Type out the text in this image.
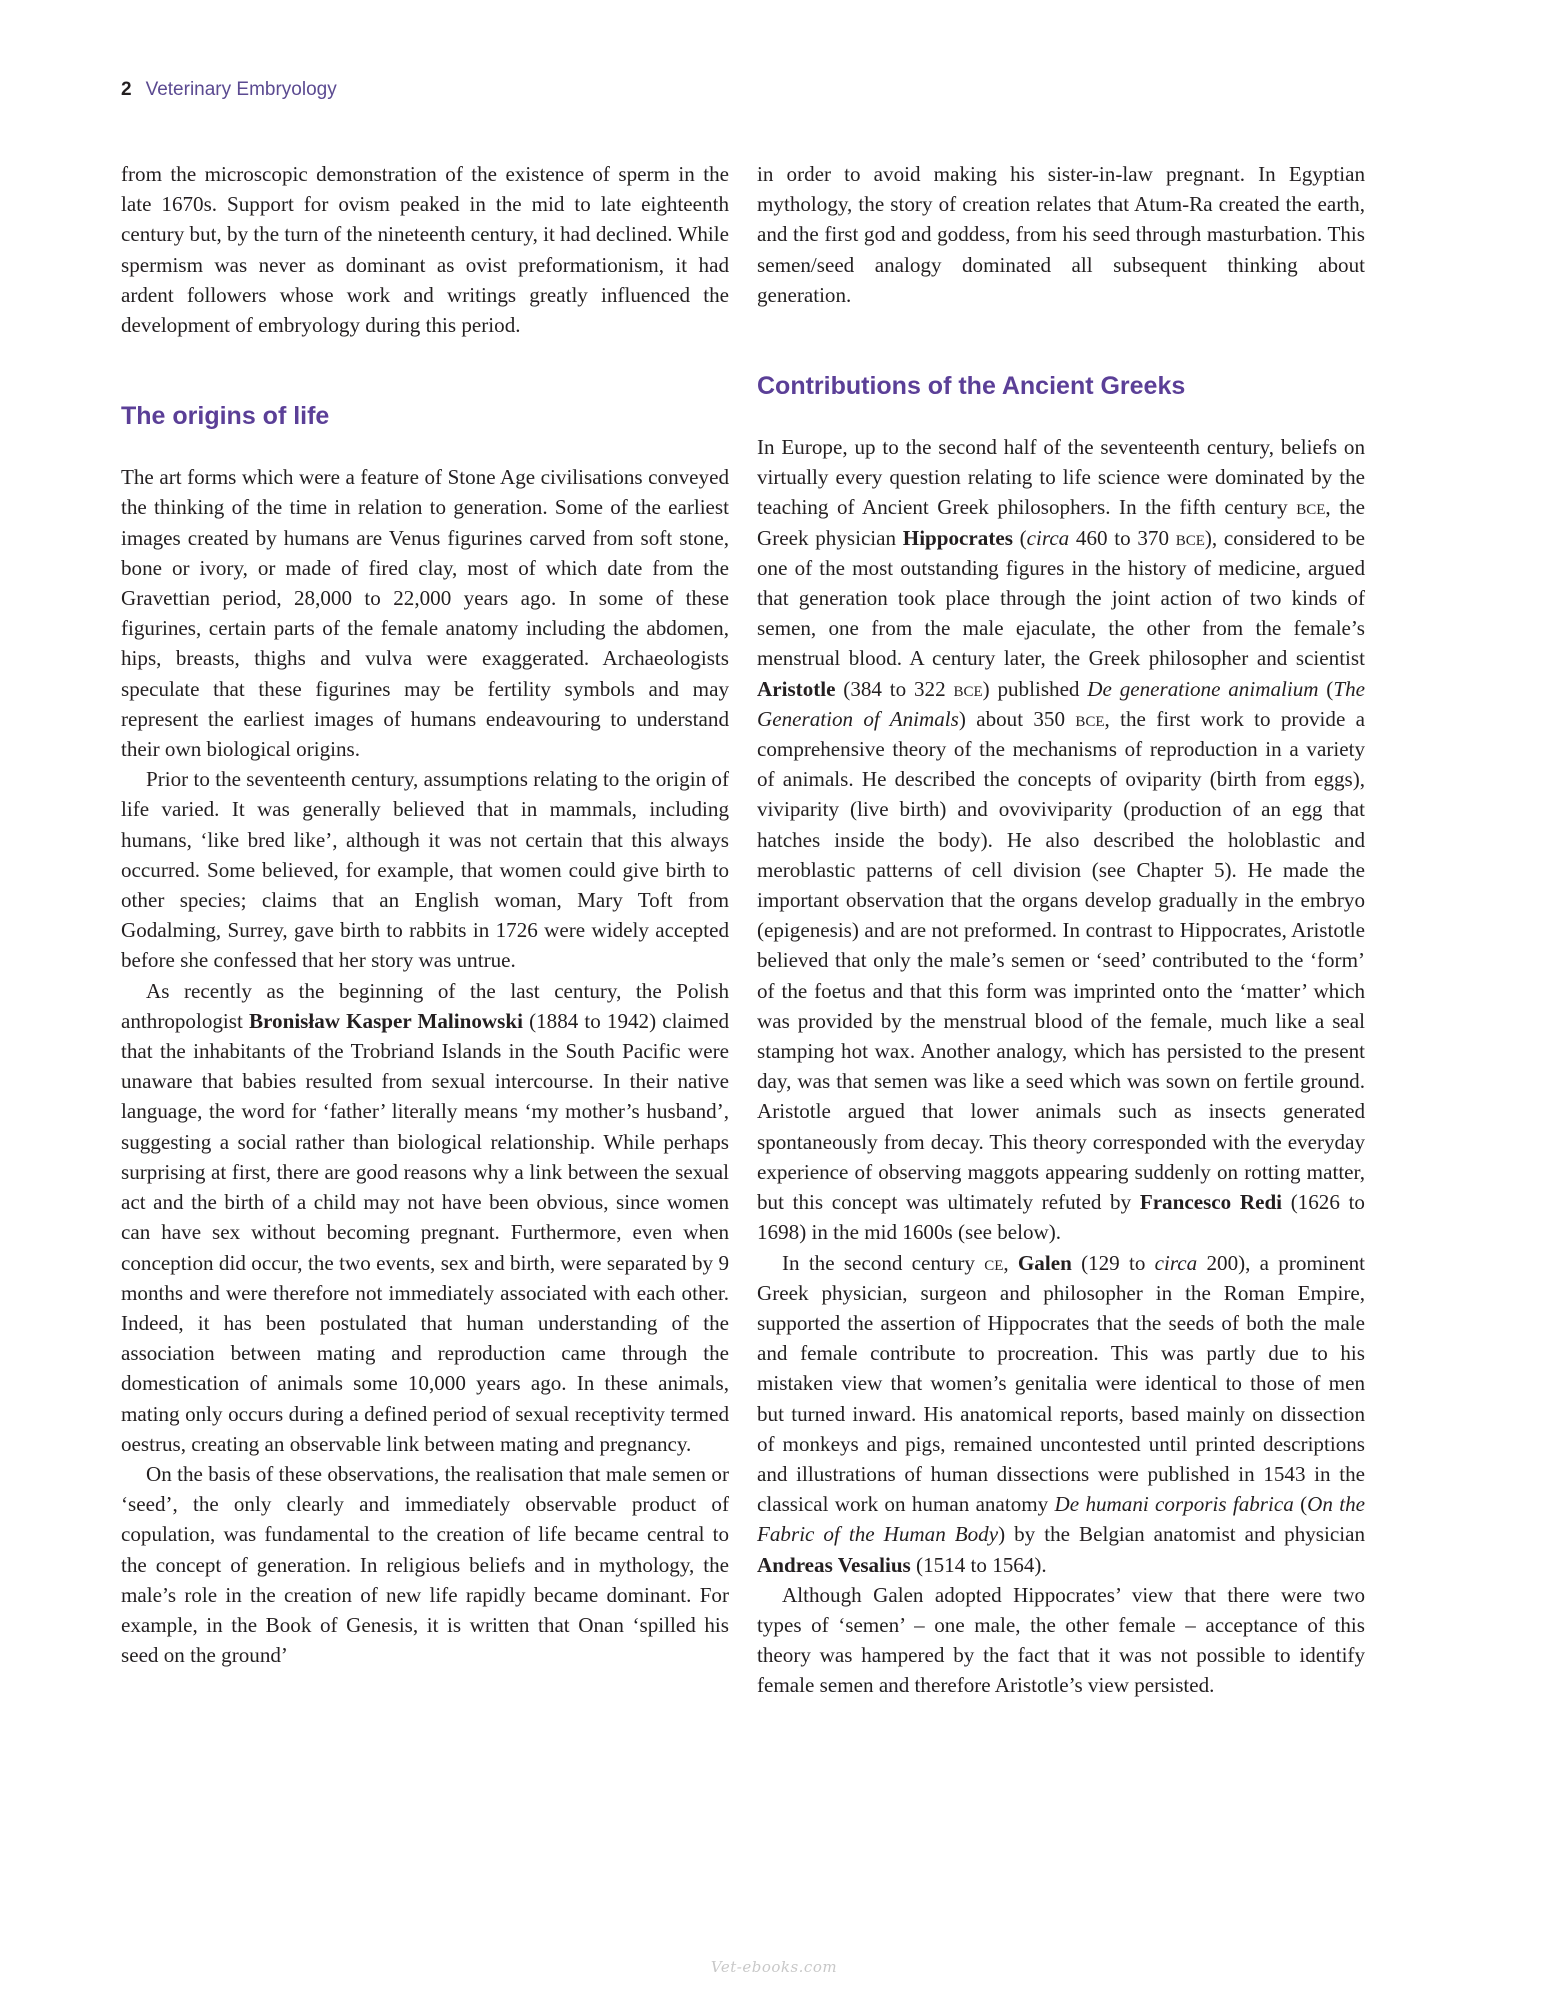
2 Veterinary Embryology

from the microscopic demonstration of the existence of sperm in the late 1670s. Support for ovism peaked in the mid to late eighteenth century but, by the turn of the nineteenth century, it had declined. While spermism was never as dominant as ovist preformationism, it had ardent followers whose work and writings greatly influenced the development of embryology during this period.

The origins of life

The art forms which were a feature of Stone Age civilisations conveyed the thinking of the time in relation to generation. Some of the earliest images created by humans are Venus figurines carved from soft stone, bone or ivory, or made of fired clay, most of which date from the Gravettian period, 28,000 to 22,000 years ago. In some of these figurines, certain parts of the female anatomy including the abdomen, hips, breasts, thighs and vulva were exaggerated. Archaeologists speculate that these figurines may be fertility symbols and may represent the earliest images of humans endeavouring to understand their own biological origins.

Prior to the seventeenth century, assumptions relating to the origin of life varied. It was generally believed that in mammals, including humans, ‘like bred like’, although it was not certain that this always occurred. Some believed, for example, that women could give birth to other species; claims that an English woman, Mary Toft from Godalming, Surrey, gave birth to rabbits in 1726 were widely accepted before she confessed that her story was untrue.

As recently as the beginning of the last century, the Polish anthropologist Bronisław Kasper Malinowski (1884 to 1942) claimed that the inhabitants of the Trobriand Islands in the South Pacific were unaware that babies resulted from sexual intercourse. In their native language, the word for ‘father’ literally means ‘my mother’s husband’, suggesting a social rather than biological relationship. While perhaps surprising at first, there are good reasons why a link between the sexual act and the birth of a child may not have been obvious, since women can have sex without becoming pregnant. Furthermore, even when conception did occur, the two events, sex and birth, were separated by 9 months and were therefore not immediately associated with each other. Indeed, it has been postulated that human understanding of the association between mating and reproduction came through the domestication of animals some 10,000 years ago. In these animals, mating only occurs during a defined period of sexual receptivity termed oestrus, creating an observable link between mating and pregnancy.

On the basis of these observations, the realisation that male semen or ‘seed’, the only clearly and immediately observable product of copulation, was fundamental to the creation of life became central to the concept of generation. In religious beliefs and in mythology, the male’s role in the creation of new life rapidly became dominant. For example, in the Book of Genesis, it is written that Onan ‘spilled his seed on the ground’

in order to avoid making his sister-in-law pregnant. In Egyptian mythology, the story of creation relates that Atum-Ra created the earth, and the first god and goddess, from his seed through masturbation. This semen/seed analogy dominated all subsequent thinking about generation.

Contributions of the Ancient Greeks

In Europe, up to the second half of the seventeenth century, beliefs on virtually every question relating to life science were dominated by the teaching of Ancient Greek philosophers. In the fifth century bce, the Greek physician Hippocrates (circa 460 to 370 bce), considered to be one of the most outstanding figures in the history of medicine, argued that generation took place through the joint action of two kinds of semen, one from the male ejaculate, the other from the female’s menstrual blood. A century later, the Greek philosopher and scientist Aristotle (384 to 322 bce) published De generatione animalium (The Generation of Animals) about 350 bce, the first work to provide a comprehensive theory of the mechanisms of reproduction in a variety of animals. He described the concepts of oviparity (birth from eggs), viviparity (live birth) and ovoviviparity (production of an egg that hatches inside the body). He also described the holoblastic and meroblastic patterns of cell division (see Chapter 5). He made the important observation that the organs develop gradually in the embryo (epigenesis) and are not preformed. In contrast to Hippocrates, Aristotle believed that only the male’s semen or ‘seed’ contributed to the ‘form’ of the foetus and that this form was imprinted onto the ‘matter’ which was provided by the menstrual blood of the female, much like a seal stamping hot wax. Another analogy, which has persisted to the present day, was that semen was like a seed which was sown on fertile ground. Aristotle argued that lower animals such as insects generated spontaneously from decay. This theory corresponded with the everyday experience of observing maggots appearing suddenly on rotting matter, but this concept was ultimately refuted by Francesco Redi (1626 to 1698) in the mid 1600s (see below).

In the second century ce, Galen (129 to circa 200), a prominent Greek physician, surgeon and philosopher in the Roman Empire, supported the assertion of Hippocrates that the seeds of both the male and female contribute to procreation. This was partly due to his mistaken view that women’s genitalia were identical to those of men but turned inward. His anatomical reports, based mainly on dissection of monkeys and pigs, remained uncontested until printed descriptions and illustrations of human dissections were published in 1543 in the classical work on human anatomy De humani corporis fabrica (On the Fabric of the Human Body) by the Belgian anatomist and physician Andreas Vesalius (1514 to 1564).

Although Galen adopted Hippocrates’ view that there were two types of ‘semen’ – one male, the other female – acceptance of this theory was hampered by the fact that it was not possible to identify female semen and therefore Aristotle’s view persisted.

Vet-ebooks.com
